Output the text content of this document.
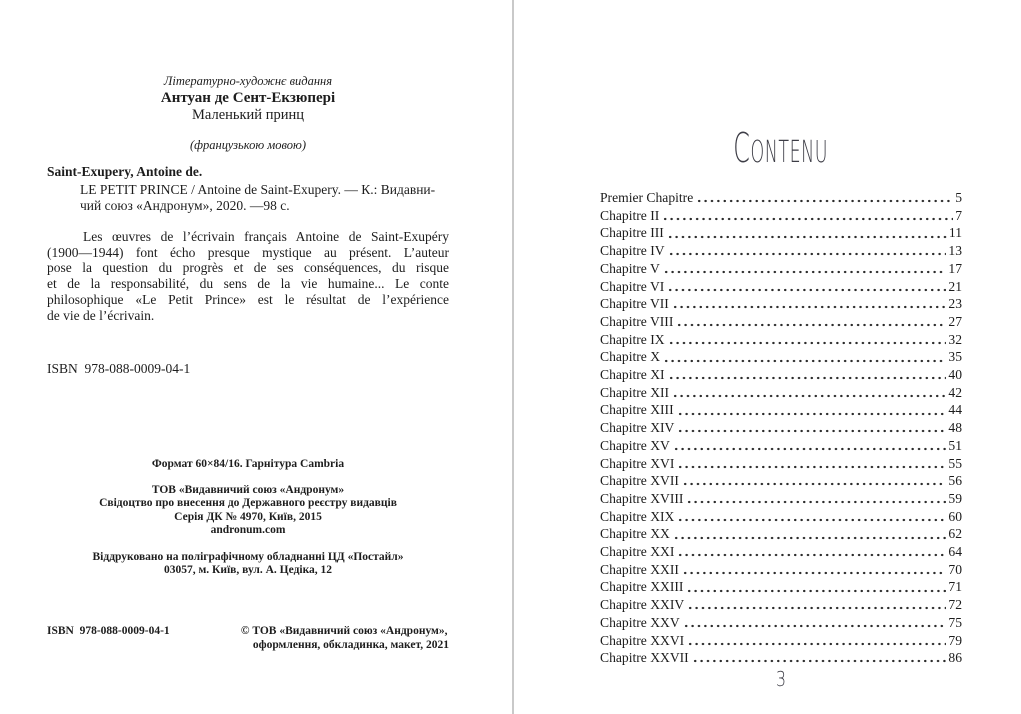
Літературно-художнє видання
Антуан де Сент-Екзюпері
Маленький принц
(французькою мовою)
Saint-Exupery, Antoine de.
LE PETIT PRINCE / Antoine de Saint-Exupery. — К.: Видавни-
чий союз «Андронум», 2020. —98 с.
Les œuvres de l’écrivain français Antoine de Saint-Exupéry
(1900—1944) font écho presque mystique au présent. L’auteur
pose la question du progrès et de ses conséquences, du risque
et de la responsabilité, du sens de la vie humaine... Le conte
philosophique «Le Petit Prince» est le résultat de l’expérience
de vie de l’écrivain.
ISBN  978-088-0009-04-1
Формат 60×84/16. Гарнітура Cambria
ТОВ «Видавничий союз «Андронум»
Свідоцтво про внесення до Державного реєстру видавців
Серія ДК № 4970, Київ, 2015
andronum.com
Віддруковано на поліграфічному обладнанні ЦД «Постайл»
03057, м. Київ, вул. А. Цедіка, 12
ISBN  978-088-0009-04-1	© ТОВ «Видавничий союз «Андронум»,
оформлення, обкладинка, макет, 2021
CONTENU
Premier Chapitre	5
Chapitre II	7
Chapitre III	11
Chapitre IV	13
Chapitre V	17
Chapitre VI	21
Chapitre VII	23
Chapitre VIII	27
Chapitre IX	32
Chapitre X	35
Chapitre XI	40
Chapitre XII	42
Chapitre XIII	44
Chapitre XIV	48
Chapitre XV	51
Chapitre XVI	55
Chapitre XVII	56
Chapitre XVIII	59
Chapitre XIX	60
Chapitre XX	62
Chapitre XXI	64
Chapitre XXII	70
Chapitre XXIII	71
Chapitre XXIV	72
Chapitre XXV	75
Chapitre XXVI	79
Chapitre XXVII	86
3
